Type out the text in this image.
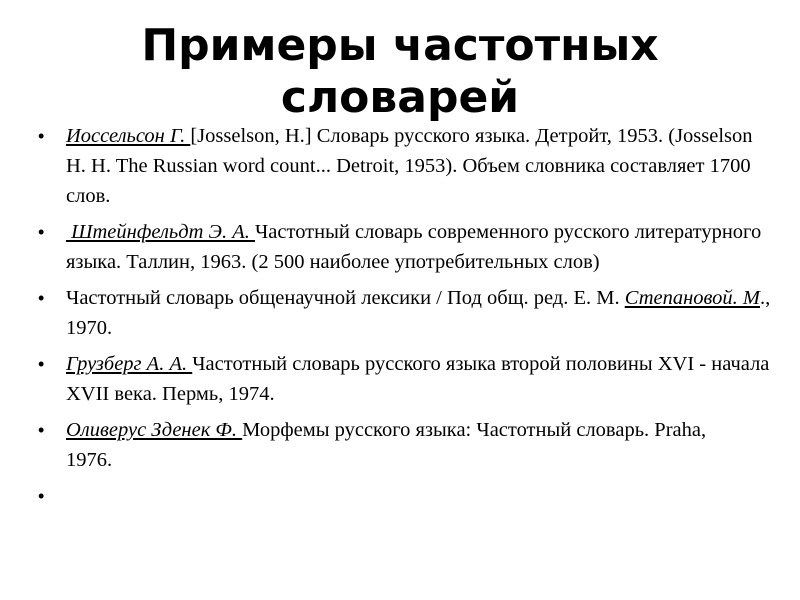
Примеры частотных
словарей
• Иоссельсон Г. [Josselson, H.] Словарь русского языка. Детройт, 1953. (Josselson H. H. The Russian word count... Detroit, 1953). Объем словника составляет 1700 слов.
• Штейнфельдт Э. А. Частотный словарь современного русского литературного языка. Таллин, 1963. (2 500 наиболее употребительных слов)
• Частотный словарь общенаучной лексики / Под общ. ред. Е. М. Степановой. М., 1970.
• Грузберг А. А. Частотный словарь русского языка второй половины XVI - начала XVII века. Пермь, 1974.
• Оливерус Зденек Ф. Морфемы русского языка: Частотный словарь. Praha,             1976.
•
